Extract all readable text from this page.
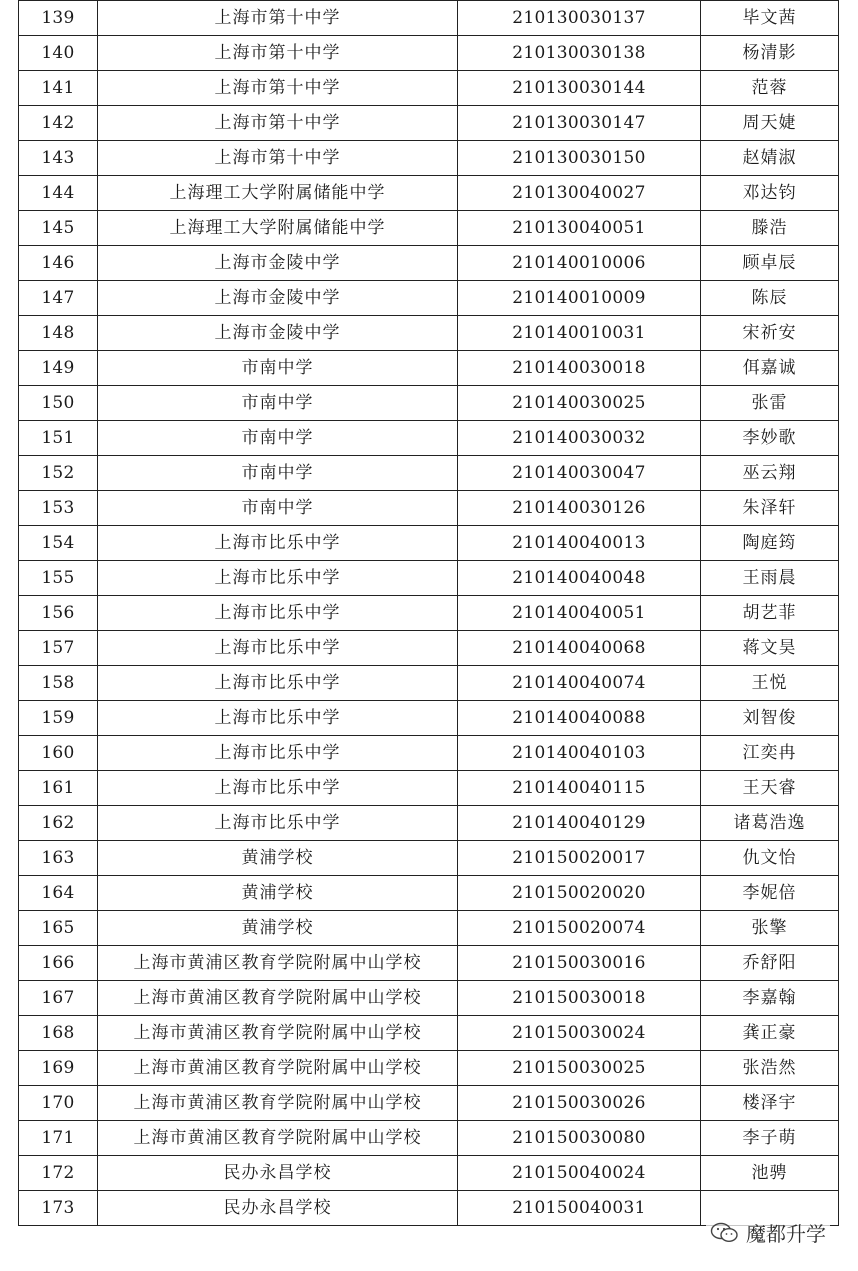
139	上海市第十中学	210130030137	毕文茜
140	上海市第十中学	210130030138	杨清影
141	上海市第十中学	210130030144	范蓉
142	上海市第十中学	210130030147	周天婕
143	上海市第十中学	210130030150	赵婧淑
144	上海理工大学附属储能中学	210130040027	邓达钧
145	上海理工大学附属储能中学	210130040051	滕浩
146	上海市金陵中学	210140010006	顾卓辰
147	上海市金陵中学	210140010009	陈辰
148	上海市金陵中学	210140010031	宋祈安
149	市南中学	210140030018	佴嘉诚
150	市南中学	210140030025	张雷
151	市南中学	210140030032	李妙歌
152	市南中学	210140030047	巫云翔
153	市南中学	210140030126	朱泽轩
154	上海市比乐中学	210140040013	陶庭筠
155	上海市比乐中学	210140040048	王雨晨
156	上海市比乐中学	210140040051	胡艺菲
157	上海市比乐中学	210140040068	蒋文昊
158	上海市比乐中学	210140040074	王悦
159	上海市比乐中学	210140040088	刘智俊
160	上海市比乐中学	210140040103	江奕冉
161	上海市比乐中学	210140040115	王天睿
162	上海市比乐中学	210140040129	诸葛浩逸
163	黄浦学校	210150020017	仇文怡
164	黄浦学校	210150020020	李妮倍
165	黄浦学校	210150020074	张擎
166	上海市黄浦区教育学院附属中山学校	210150030016	乔舒阳
167	上海市黄浦区教育学院附属中山学校	210150030018	李嘉翰
168	上海市黄浦区教育学院附属中山学校	210150030024	龚正豪
169	上海市黄浦区教育学院附属中山学校	210150030025	张浩然
170	上海市黄浦区教育学院附属中山学校	210150030026	楼泽宇
171	上海市黄浦区教育学院附属中山学校	210150030080	李子萌
172	民办永昌学校	210150040024	池骋
173	民办永昌学校	210150040031	
魔都升学
